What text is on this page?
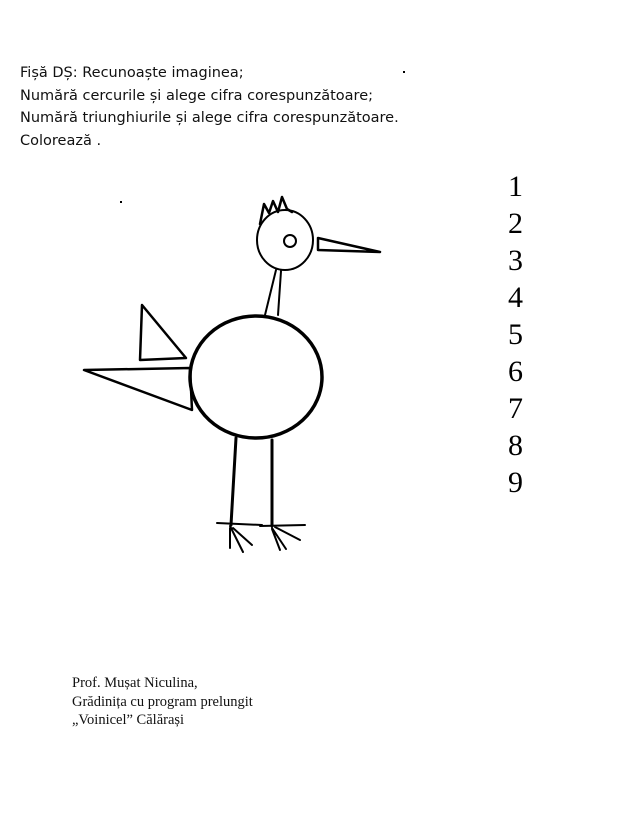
Fișă DȘ: Recunoaște imaginea;
Numără cercurile și alege cifra corespunzătoare;
Numără triunghiurile și alege cifra corespunzătoare.
Colorează .
1
2
3
4
5
6
7
8
9
Prof. Mușat Niculina,
Grădinița cu program prelungit
„Voinicel” Călărași
